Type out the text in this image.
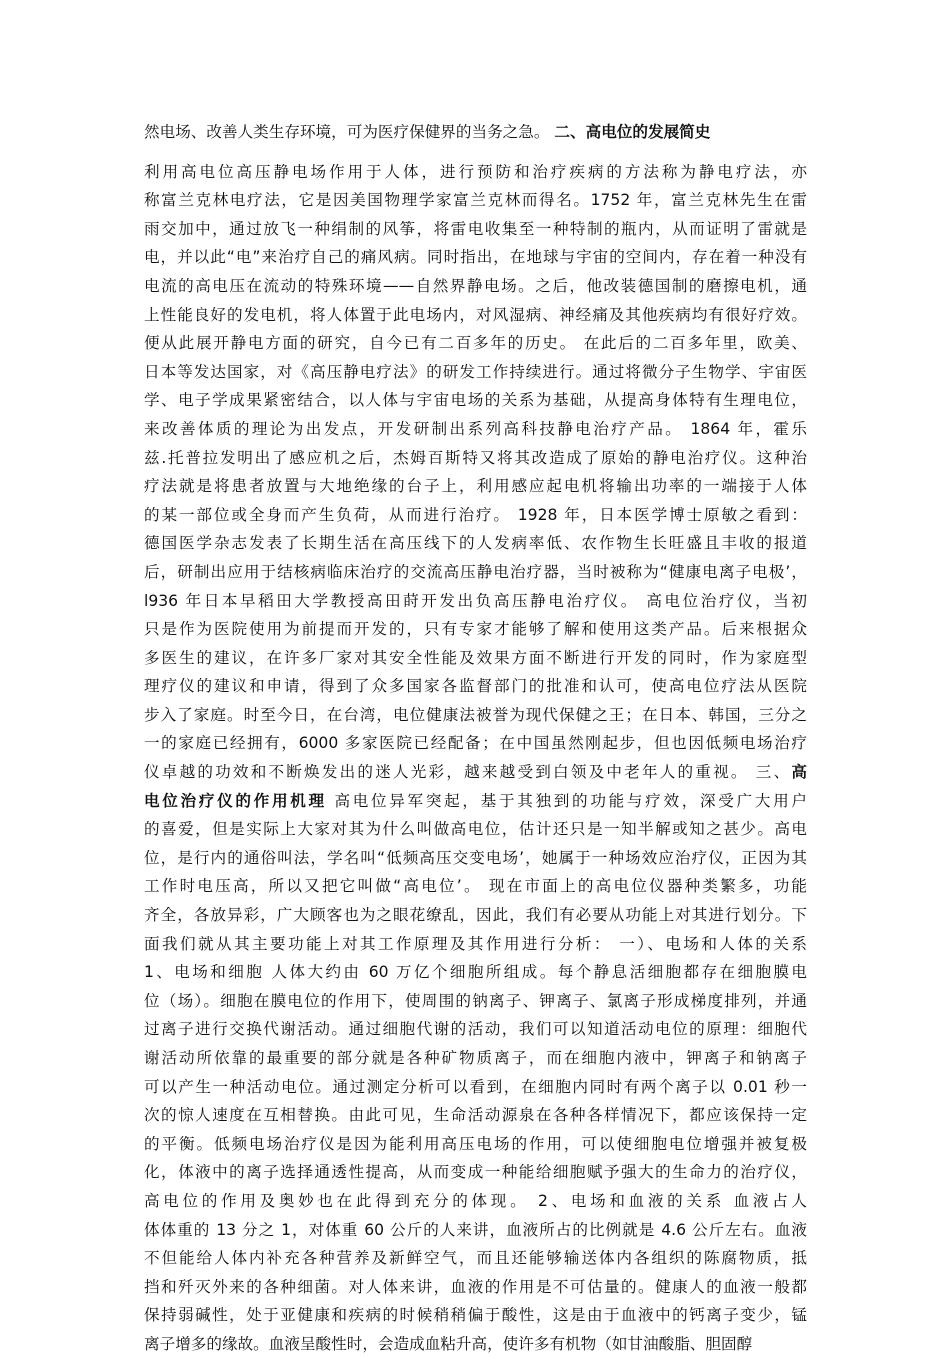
然电场、改善人类生存环境，可为医疗保健界的当务之急。 二、高电位的发展简史
利用高电位高压静电场作用于人体，进行预防和治疗疾病的方法称为静电疗法，亦
称富兰克林电疗法，它是因美国物理学家富兰克林而得名。1752 年，富兰克林先生在雷
雨交加中，通过放飞一种绢制的风筝，将雷电收集至一种特制的瓶内，从而证明了雷就是
电，并以此“电”来治疗自己的痛风病。同时指出，在地球与宇宙的空间内，存在着一种没有
电流的高电压在流动的特殊环境——自然界静电场。之后，他改装德国制的磨擦电机，通
上性能良好的发电机，将人体置于此电场内，对风湿病、神经痛及其他疾病均有很好疗效。
便从此展开静电方面的研究，自今已有二百多年的历史。 在此后的二百多年里，欧美、
日本等发达国家，对《高压静电疗法》的研发工作持续进行。通过将微分子生物学、宇宙医
学、电子学成果紧密结合，以人体与宇宙电场的关系为基础，从提高身体特有生理电位，
来改善体质的理论为出发点，开发研制出系列高科技静电治疗产品。 1864 年，霍乐
兹.托普拉发明出了感应机之后，杰姆百斯特又将其改造成了原始的静电治疗仪。这种治
疗法就是将患者放置与大地绝缘的台子上，利用感应起电机将输出功率的一端接于人体
的某一部位或全身而产生负荷，从而进行治疗。 1928 年，日本医学博士原敏之看到：
德国医学杂志发表了长期生活在高压线下的人发病率低、农作物生长旺盛且丰收的报道
后，研制出应用于结核病临床治疗的交流高压静电治疗器，当时被称为“健康电离子电极’，
l936 年日本早稻田大学教授高田莳开发出负高压静电治疗仪。 高电位治疗仪，当初
只是作为医院使用为前提而开发的，只有专家才能够了解和使用这类产品。后来根据众
多医生的建议，在许多厂家对其安全性能及效果方面不断进行开发的同时，作为家庭型
理疗仪的建议和申请，得到了众多国家各监督部门的批准和认可，使高电位疗法从医院
步入了家庭。时至今日，在台湾，电位健康法被誉为现代保健之王；在日本、韩国，三分之
一的家庭已经拥有，6000 多家医院已经配备；在中国虽然刚起步，但也因低频电场治疗
仪卓越的功效和不断焕发出的迷人光彩，越来越受到白领及中老年人的重视。 三、高
电位治疗仪的作用机理 高电位异军突起，基于其独到的功能与疗效，深受广大用户
的喜爱，但是实际上大家对其为什么叫做高电位，估计还只是一知半解或知之甚少。高电
位，是行内的通俗叫法，学名叫“低频高压交变电场’，她属于一种场效应治疗仪，正因为其
工作时电压高，所以又把它叫做“高电位’。 现在市面上的高电位仪器种类繁多，功能
齐全，各放异彩，广大顾客也为之眼花缭乱，因此，我们有必要从功能上对其进行划分。下
面我们就从其主要功能上对其工作原理及其作用进行分析： 一）、电场和人体的关系
1、电场和细胞 人体大约由 60 万亿个细胞所组成。每个静息活细胞都存在细胞膜电
位（场）。细胞在膜电位的作用下，使周围的钠离子、钾离子、氯离子形成梯度排列，并通
过离子进行交换代谢活动。通过细胞代谢的活动，我们可以知道活动电位的原理：细胞代
谢活动所依靠的最重要的部分就是各种矿物质离子，而在细胞内液中，钾离子和钠离子
可以产生一种活动电位。通过测定分析可以看到，在细胞内同时有两个离子以 0.01 秒一
次的惊人速度在互相替换。由此可见，生命活动源泉在各种各样情况下，都应该保持一定
的平衡。低频电场治疗仪是因为能利用高压电场的作用，可以使细胞电位增强并被复极
化，体液中的离子选择通透性提高，从而变成一种能给细胞赋予强大的生命力的治疗仪，
高电位的作用及奥妙也在此得到充分的体现。 2、电场和血液的关系 血液占人
体体重的 13 分之 1，对体重 60 公斤的人来讲，血液所占的比例就是 4.6 公斤左右。血液
不但能给人体内补充各种营养及新鲜空气，而且还能够输送体内各组织的陈腐物质，抵
挡和歼灭外来的各种细菌。对人体来讲，血液的作用是不可估量的。健康人的血液一般都
保持弱碱性，处于亚健康和疾病的时候稍稍偏于酸性，这是由于血液中的钙离子变少，锰
离子增多的缘故。血液呈酸性时，会造成血粘升高，使许多有机物（如甘油酸脂、胆固醇
